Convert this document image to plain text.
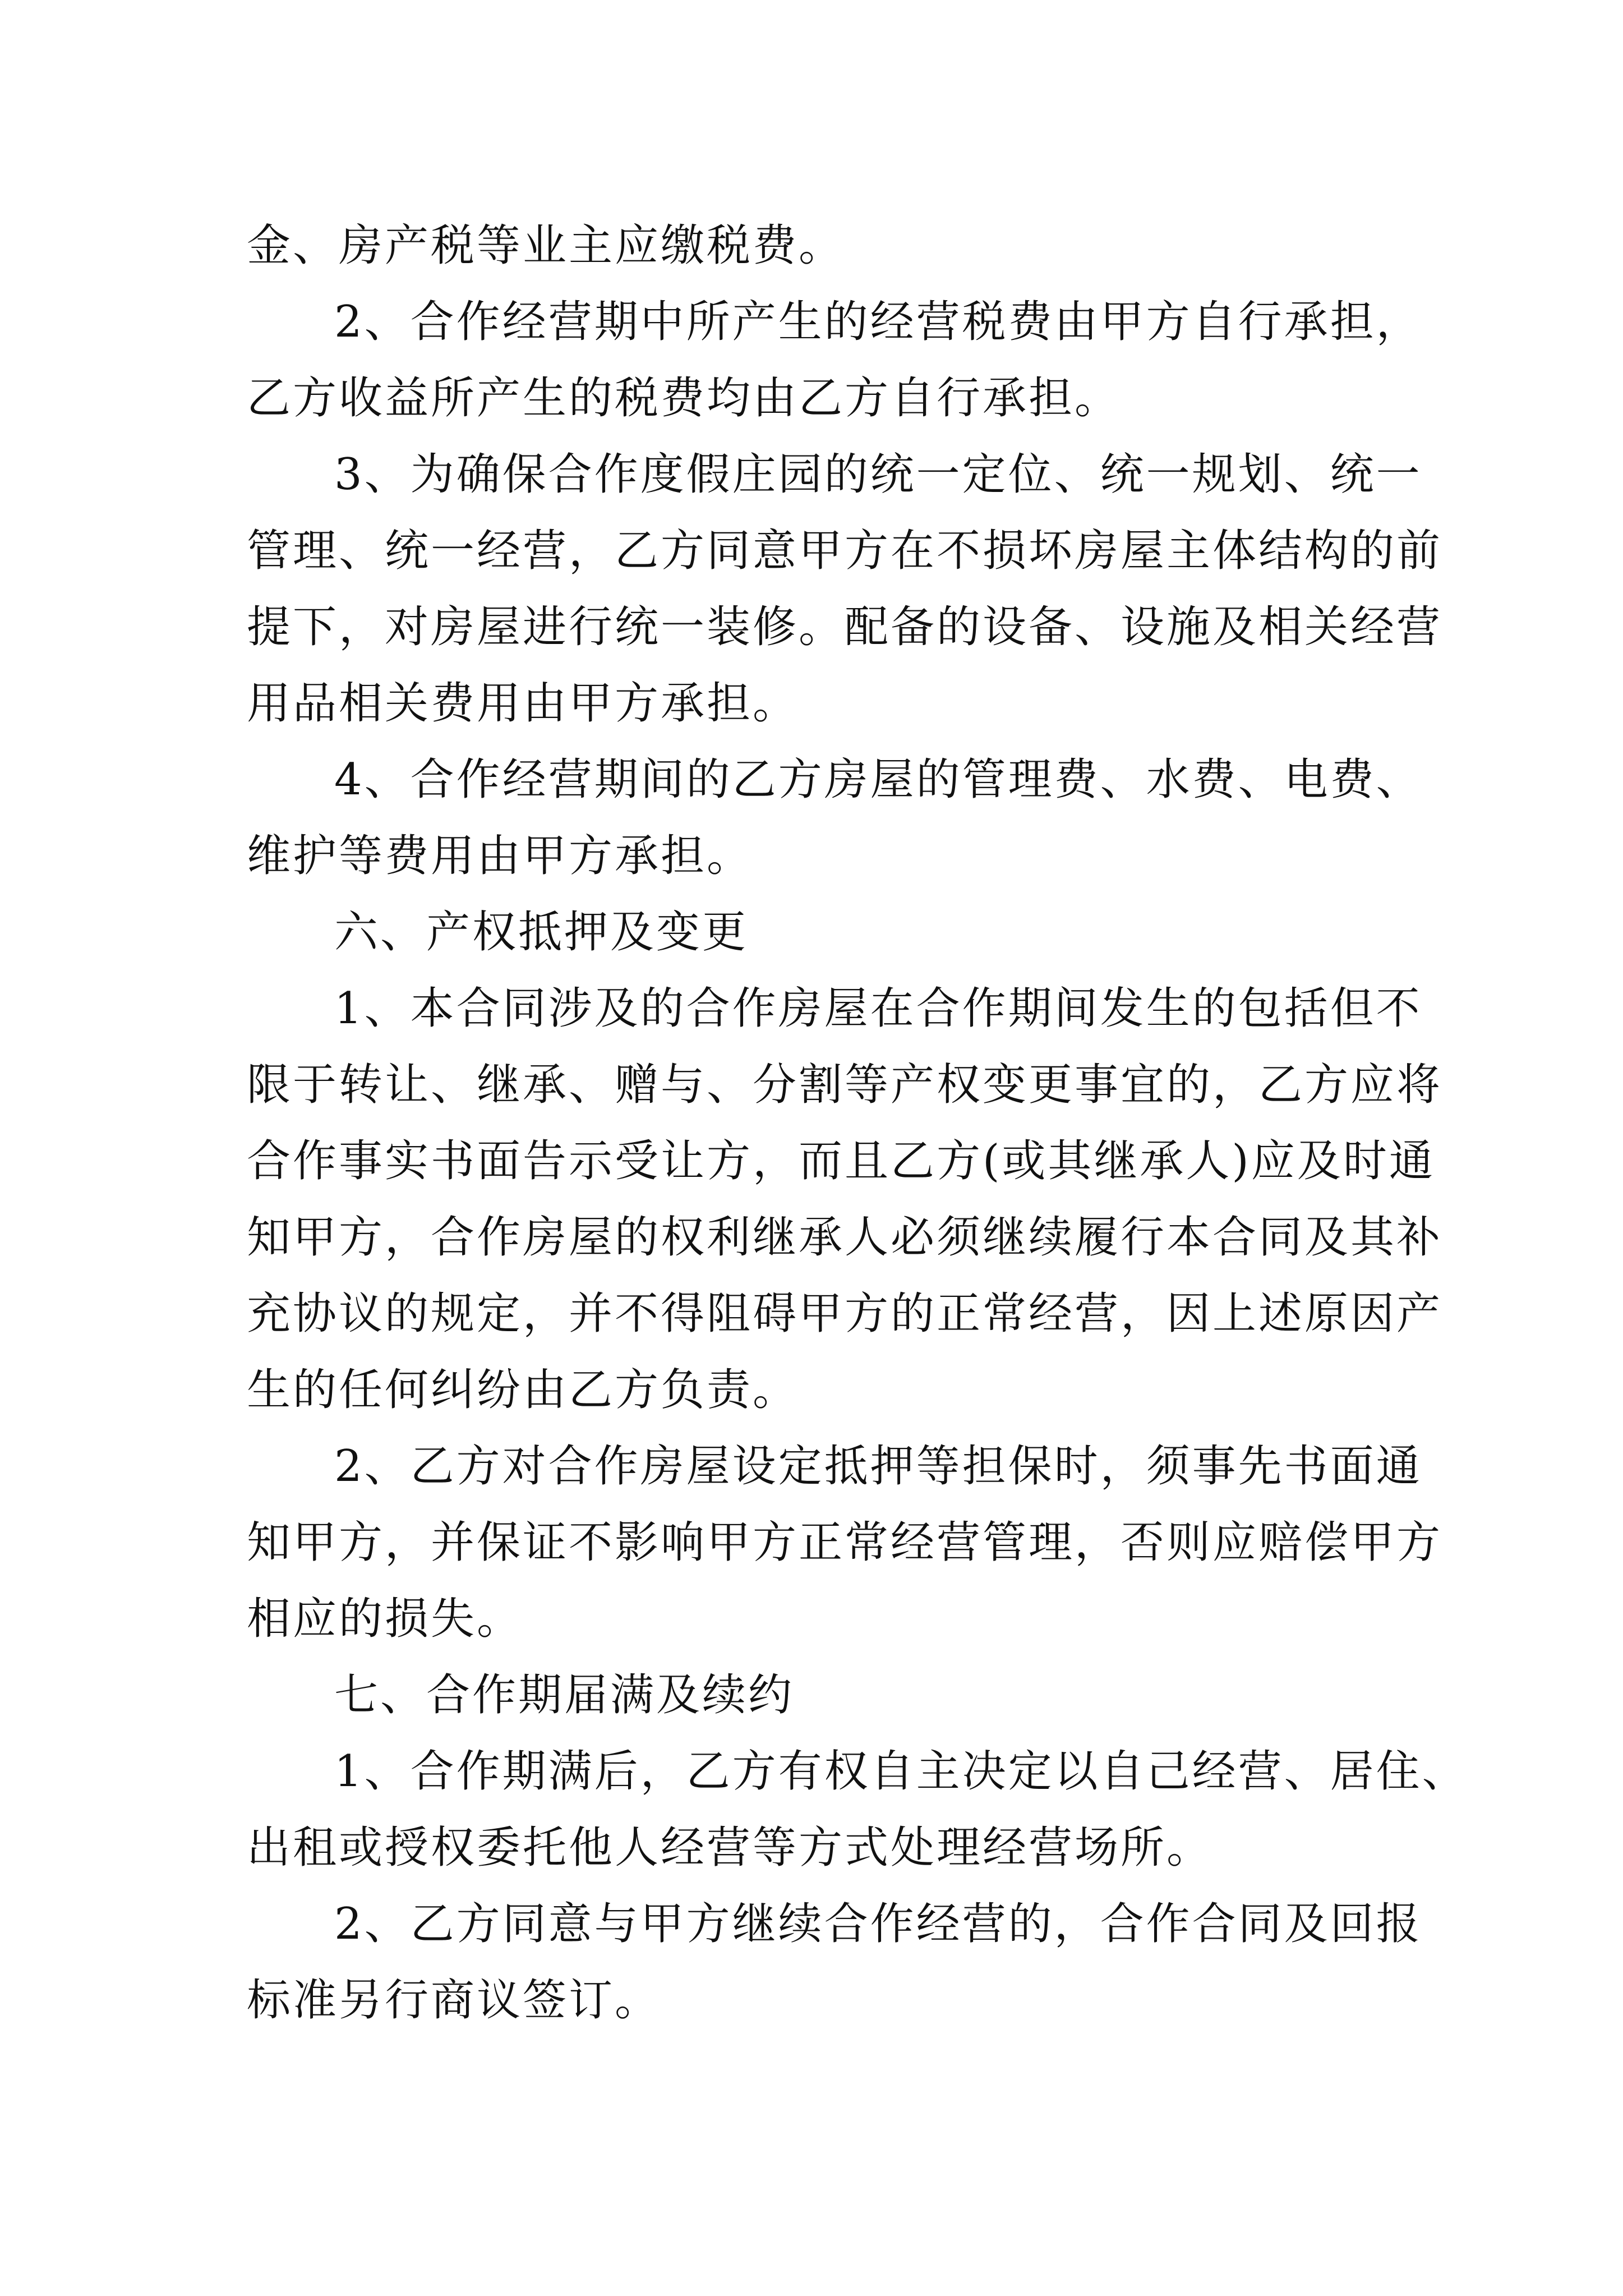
金、房产税等业主应缴税费。
2、合作经营期中所产生的经营税费由甲方自行承担，
乙方收益所产生的税费均由乙方自行承担。
3、为确保合作度假庄园的统一定位、统一规划、统一
管理、统一经营，乙方同意甲方在不损坏房屋主体结构的前
提下，对房屋进行统一装修。配备的设备、设施及相关经营
用品相关费用由甲方承担。
4、合作经营期间的乙方房屋的管理费、水费、电费、
维护等费用由甲方承担。
六、产权抵押及变更
1、本合同涉及的合作房屋在合作期间发生的包括但不
限于转让、继承、赠与、分割等产权变更事宜的，乙方应将
合作事实书面告示受让方，而且乙方(或其继承人)应及时通
知甲方，合作房屋的权利继承人必须继续履行本合同及其补
充协议的规定，并不得阻碍甲方的正常经营，因上述原因产
生的任何纠纷由乙方负责。
2、乙方对合作房屋设定抵押等担保时，须事先书面通
知甲方，并保证不影响甲方正常经营管理，否则应赔偿甲方
相应的损失。
七、合作期届满及续约
1、合作期满后，乙方有权自主决定以自己经营、居住、
出租或授权委托他人经营等方式处理经营场所。
2、乙方同意与甲方继续合作经营的，合作合同及回报
标准另行商议签订。
